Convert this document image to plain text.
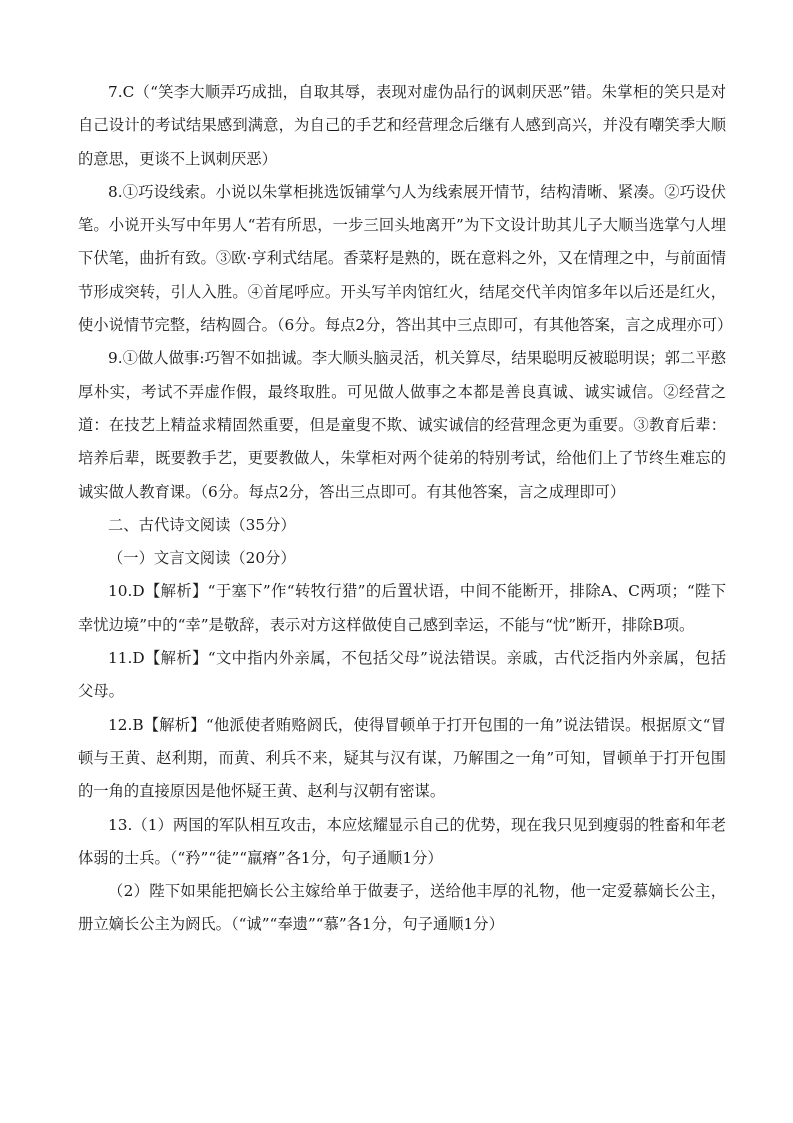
7.C（“笑李大顺弄巧成拙，自取其辱，表现对虚伪品行的讽刺厌恶”错。朱掌柜的笑只是对自己设计的考试结果感到满意，为自己的手艺和经营理念后继有人感到高兴，并没有嘲笑季大顺的意思，更谈不上讽刺厌恶）

8.①巧设线索。小说以朱掌柜挑选饭铺掌勺人为线索展开情节，结构清晰、紧凑。②巧设伏笔。小说开头写中年男人“若有所思，一步三回头地离开”为下文设计助其儿子大顺当选掌勺人埋下伏笔，曲折有致。③欧·亨利式结尾。香菜籽是熟的，既在意料之外，又在情理之中，与前面情节形成突转，引人入胜。④首尾呼应。开头写羊肉馆红火，结尾交代羊肉馆多年以后还是红火，使小说情节完整，结构圆合。（6分。每点2分，答出其中三点即可，有其他答案，言之成理亦可）

9.①做人做事:巧智不如拙诚。李大顺头脑灵活，机关算尽，结果聪明反被聪明误；郭二平憨厚朴实，考试不弄虚作假，最终取胜。可见做人做事之本都是善良真诚、诚实诚信。②经营之道：在技艺上精益求精固然重要，但是童叟不欺、诚实诚信的经营理念更为重要。③教育后辈：培养后辈，既要教手艺，更要教做人，朱掌柜对两个徒弟的特别考试，给他们上了节终生难忘的诚实做人教育课。（6分。每点2分，答出三点即可。有其他答案，言之成理即可）

二、古代诗文阅读（35分）

（一）文言文阅读（20分）

10.D【解析】“于塞下”作“转牧行猎”的后置状语，中间不能断开，排除A、C两项；“陛下幸忧边境”中的“幸”是敬辞，表示对方这样做使自己感到幸运，不能与“忧”断开，排除B项。

11.D【解析】“文中指内外亲属，不包括父母”说法错误。亲戚，古代泛指内外亲属，包括父母。

12.B【解析】“他派使者贿赂阏氏，使得冒顿单于打开包围的一角”说法错误。根据原文“冒顿与王黄、赵利期，而黄、利兵不来，疑其与汉有谋，乃解围之一角”可知，冒顿单于打开包围的一角的直接原因是他怀疑王黄、赵利与汉朝有密谋。

13.（1）两国的军队相互攻击，本应炫耀显示自己的优势，现在我只见到瘦弱的牲畜和年老 体弱的士兵。（“矜”“徒”“羸瘠”各1分，句子通顺1分）

（2）陛下如果能把嫡长公主嫁给单于做妻子，送给他丰厚的礼物，他一定爱慕嫡长公主，册立嫡长公主为阏氏。（“诚”“奉遗”“慕”各1分，句子通顺1分）
